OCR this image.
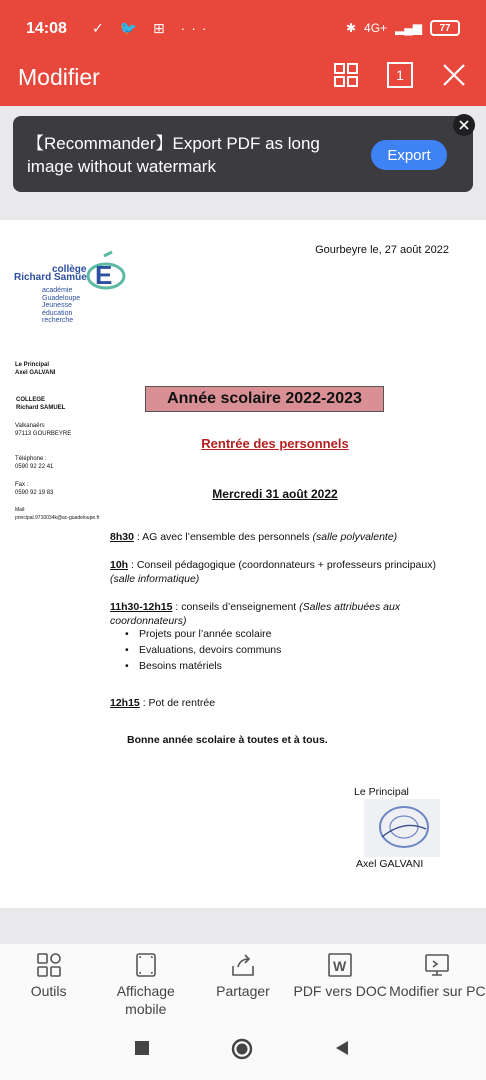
14:08 ✓ 🐦 ⊞ ···	✱ 4G+ ▂▄▆	77
Modifier	1
【Recommander】Export PDF as long image without watermark
Export
Gourbeyre le, 27 août 2022
collège
Richard Samuel
académie
Guadeloupe
Jeunesse
éducation
recherche
E
Le Principal
Axel GALVANI
COLLEGE
Richard SAMUEL
Valkanaërs
97113 GOURBEYRE
Téléphone :
0590 92 22 41
Fax :
0590 92 19 83
Mail:
principal.9710034k@ac-guadeloupe.fr
Année scolaire 2022-2023
Rentrée des personnels
Mercredi 31 août 2022
8h30 : AG avec l’ensemble des personnels (salle polyvalente)
10h : Conseil pédagogique (coordonnateurs + professeurs principaux)
(salle informatique)
11h30-12h15 : conseils d’enseignement (Salles attribuées aux coordonnateurs)
• Projets pour l’année scolaire
• Evaluations, devoirs communs
• Besoins matériels
12h15 : Pot de rentrée
Bonne année scolaire à toutes et à tous.
Le Principal
Axel GALVANI
Outils	Affichage mobile
Partager
W
PDF vers DOC Modifier sur PC
